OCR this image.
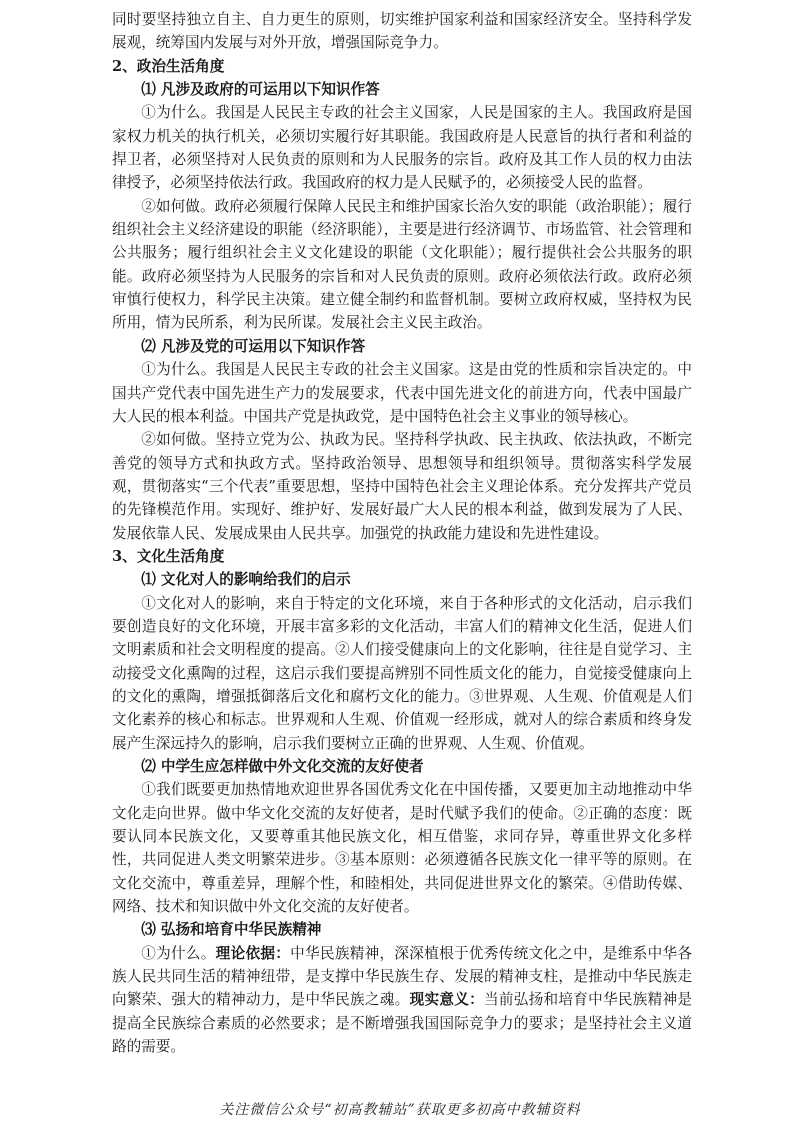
同时要坚持独立自主、自力更生的原则，切实维护国家利益和国家经济安全。坚持科学发展观，统筹国内发展与对外开放，增强国际竞争力。

2、政治生活角度

⑴ 凡涉及政府的可运用以下知识作答

①为什么。我国是人民民主专政的社会主义国家，人民是国家的主人。我国政府是国家权力机关的执行机关，必须切实履行好其职能。我国政府是人民意旨的执行者和利益的捍卫者，必须坚持对人民负责的原则和为人民服务的宗旨。政府及其工作人员的权力由法律授予，必须坚持依法行政。我国政府的权力是人民赋予的，必须接受人民的监督。

②如何做。政府必须履行保障人民民主和维护国家长治久安的职能（政治职能）；履行组织社会主义经济建设的职能（经济职能），主要是进行经济调节、市场监管、社会管理和公共服务；履行组织社会主义文化建设的职能（文化职能）；履行提供社会公共服务的职能。政府必须坚持为人民服务的宗旨和对人民负责的原则。政府必须依法行政。政府必须审慎行使权力，科学民主决策。建立健全制约和监督机制。要树立政府权威，坚持权为民所用，情为民所系，利为民所谋。发展社会主义民主政治。

⑵ 凡涉及党的可运用以下知识作答

①为什么。我国是人民民主专政的社会主义国家。这是由党的性质和宗旨决定的。中国共产党代表中国先进生产力的发展要求，代表中国先进文化的前进方向，代表中国最广大人民的根本利益。中国共产党是执政党，是中国特色社会主义事业的领导核心。

②如何做。坚持立党为公、执政为民。坚持科学执政、民主执政、依法执政，不断完善党的领导方式和执政方式。坚持政治领导、思想领导和组织领导。贯彻落实科学发展观，贯彻落实“三个代表”重要思想，坚持中国特色社会主义理论体系。充分发挥共产党员的先锋模范作用。实现好、维护好、发展好最广大人民的根本利益，做到发展为了人民、发展依靠人民、发展成果由人民共享。加强党的执政能力建设和先进性建设。

3、文化生活角度

⑴ 文化对人的影响给我们的启示

①文化对人的影响，来自于特定的文化环境，来自于各种形式的文化活动，启示我们要创造良好的文化环境，开展丰富多彩的文化活动，丰富人们的精神文化生活，促进人们文明素质和社会文明程度的提高。②人们接受健康向上的文化影响，往往是自觉学习、主动接受文化熏陶的过程，这启示我们要提高辨别不同性质文化的能力，自觉接受健康向上的文化的熏陶，增强抵御落后文化和腐朽文化的能力。③世界观、人生观、价值观是人们文化素养的核心和标志。世界观和人生观、价值观一经形成，就对人的综合素质和终身发展产生深远持久的影响，启示我们要树立正确的世界观、人生观、价值观。

⑵ 中学生应怎样做中外文化交流的友好使者

①我们既要更加热情地欢迎世界各国优秀文化在中国传播，又要更加主动地推动中华文化走向世界。做中华文化交流的友好使者，是时代赋予我们的使命。②正确的态度：既要认同本民族文化，又要尊重其他民族文化，相互借鉴，求同存异，尊重世界文化多样性，共同促进人类文明繁荣进步。③基本原则：必须遵循各民族文化一律平等的原则。在文化交流中，尊重差异，理解个性，和睦相处，共同促进世界文化的繁荣。④借助传媒、网络、技术和知识做中外文化交流的友好使者。

⑶ 弘扬和培育中华民族精神

①为什么。理论依据：中华民族精神，深深植根于优秀传统文化之中，是维系中华各族人民共同生活的精神纽带，是支撑中华民族生存、发展的精神支柱，是推动中华民族走向繁荣、强大的精神动力，是中华民族之魂。现实意义：当前弘扬和培育中华民族精神是提高全民族综合素质的必然要求；是不断增强我国国际竞争力的要求；是坚持社会主义道路的需要。

关注微信公众号“初高教辅站”获取更多初高中教辅资料
